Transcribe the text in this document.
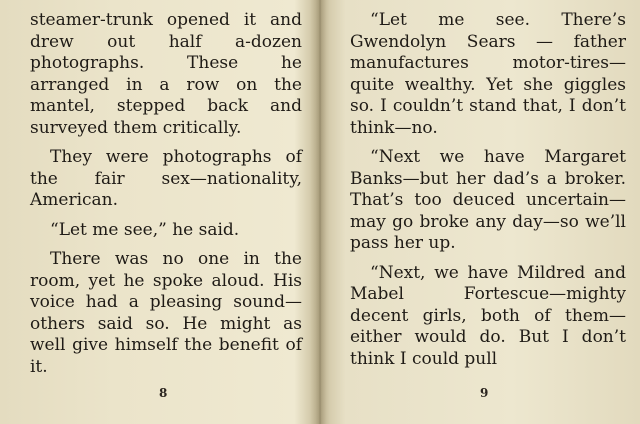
steamer-trunk opened it and drew out half a-dozen photographs. These he arranged in a row on the mantel, stepped back and surveyed them critically.

They were photographs of the fair sex—nationality, American.

“Let me see,” he said.

There was no one in the room, yet he spoke aloud. His voice had a pleasing sound—others said so. He might as well give himself the benefit of it.

8

“Let me see. There’s Gwendolyn Sears — father manufactures motor-tires—quite wealthy. Yet she giggles so. I couldn’t stand that, I don’t think—no.

“Next we have Margaret Banks—but her dad’s a broker. That’s too deuced uncertain—may go broke any day—so we’ll pass her up.

“Next, we have Mildred and Mabel Fortescue—mighty decent girls, both of them—either would do. But I don’t think I could pull

9
